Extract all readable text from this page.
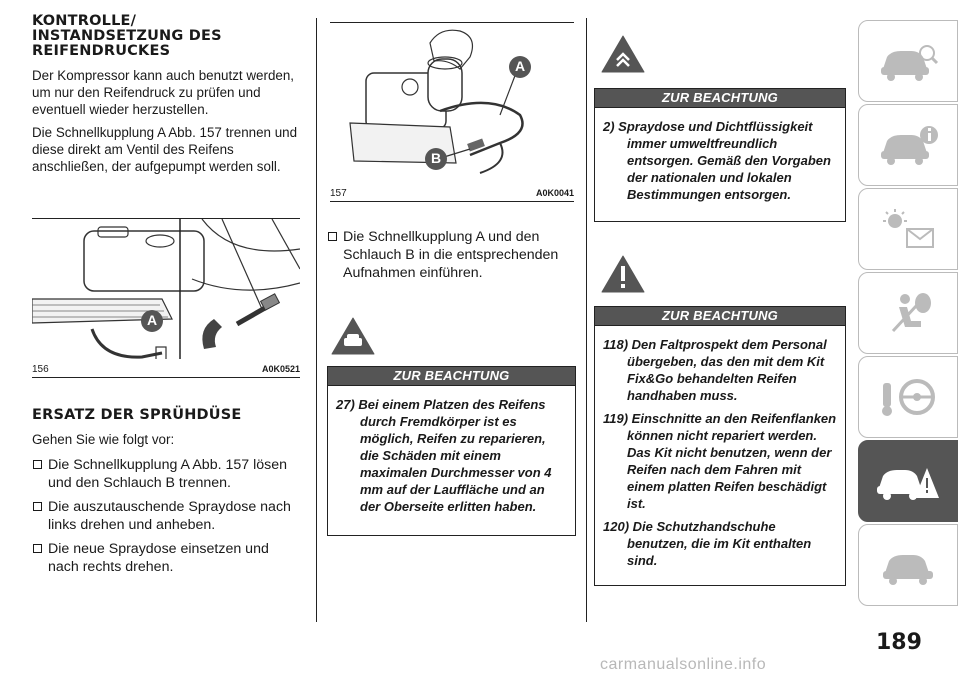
KONTROLLE/ INSTANDSETZUNG DES REIFENDRUCKES
Der Kompressor kann auch benutzt werden, um nur den Reifendruck zu prüfen und eventuell wieder herzustellen.
Die Schnellkupplung A Abb. 157 trennen und diese direkt am Ventil des Reifens anschließen, der aufgepumpt werden soll.
A
156	A0K0521
ERSATZ DER SPRÜHDÜSE
Gehen Sie wie folgt vor:
Die Schnellkupplung A Abb. 157 lösen und den Schlauch B trennen.
Die auszutauschende Spraydose nach links drehen und anheben.
Die neue Spraydose einsetzen und nach rechts drehen.
A
B
157	A0K0041
Die Schnellkupplung A und den Schlauch B in die entsprechenden Aufnahmen einführen.
ZUR BEACHTUNG
27) Bei einem Platzen des Reifens durch Fremdkörper ist es möglich, Reifen zu reparieren, die Schäden mit einem maximalen Durchmesser von 4 mm auf der Lauffläche und an der Oberseite erlitten haben.
ZUR BEACHTUNG
2) Spraydose und Dichtflüssigkeit immer umweltfreundlich entsorgen. Gemäß den Vorgaben der nationalen und lokalen Bestimmungen entsorgen.
ZUR BEACHTUNG
118) Den Faltprospekt dem Personal übergeben, das den mit dem Kit Fix&Go behandelten Reifen handhaben muss.
119) Einschnitte an den Reifenflanken können nicht repariert werden. Das Kit nicht benutzen, wenn der Reifen nach dem Fahren mit einem platten Reifen beschädigt ist.
120) Die Schutzhandschuhe benutzen, die im Kit enthalten sind.
189
carmanualsonline.info
